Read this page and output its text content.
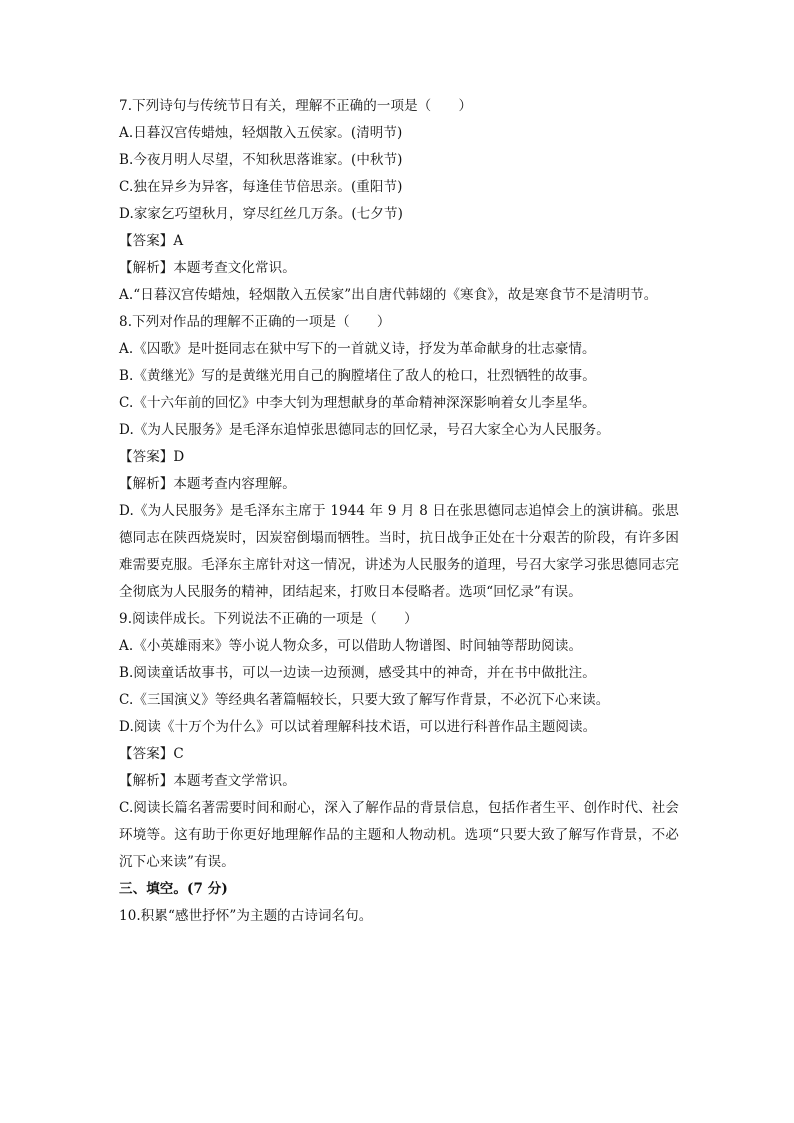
7.下列诗句与传统节日有关，理解不正确的一项是（　　）
A.日暮汉宫传蜡烛，轻烟散入五侯家。(清明节)
B.今夜月明人尽望，不知秋思落谁家。(中秋节)
C.独在异乡为异客，每逢佳节倍思亲。(重阳节)
D.家家乞巧望秋月，穿尽红丝几万条。(七夕节)
【答案】A
【解析】本题考查文化常识。
A.“日暮汉宫传蜡烛，轻烟散入五侯家”出自唐代韩翃的《寒食》，故是寒食节不是清明节。
8.下列对作品的理解不正确的一项是（　　）
A.《囚歌》是叶挺同志在狱中写下的一首就义诗，抒发为革命献身的壮志豪情。
B.《黄继光》写的是黄继光用自己的胸膛堵住了敌人的枪口，壮烈牺牲的故事。
C.《十六年前的回忆》中李大钊为理想献身的革命精神深深影响着女儿李星华。
D.《为人民服务》是毛泽东追悼张思德同志的回忆录，号召大家全心为人民服务。
【答案】D
【解析】本题考查内容理解。
D.《为人民服务》是毛泽东主席于 1944 年 9 月 8 日在张思德同志追悼会上的演讲稿。张思德同志在陕西烧炭时，因炭窑倒塌而牺牲。当时，抗日战争正处在十分艰苦的阶段，有许多困难需要克服。毛泽东主席针对这一情况，讲述为人民服务的道理，号召大家学习张思德同志完全彻底为人民服务的精神，团结起来，打败日本侵略者。选项“回忆录”有误。
9.阅读伴成长。下列说法不正确的一项是（　　）
A.《小英雄雨来》等小说人物众多，可以借助人物谱图、时间轴等帮助阅读。
B.阅读童话故事书，可以一边读一边预测，感受其中的神奇，并在书中做批注。
C.《三国演义》等经典名著篇幅较长，只要大致了解写作背景，不必沉下心来读。
D.阅读《十万个为什么》可以试着理解科技术语，可以进行科普作品主题阅读。
【答案】C
【解析】本题考查文学常识。
C.阅读长篇名著需要时间和耐心，深入了解作品的背景信息，包括作者生平、创作时代、社会环境等。这有助于你更好地理解作品的主题和人物动机。选项“只要大致了解写作背景，不必沉下心来读”有误。
三、填空。(7 分)
10.积累“感世抒怀”为主题的古诗词名句。
